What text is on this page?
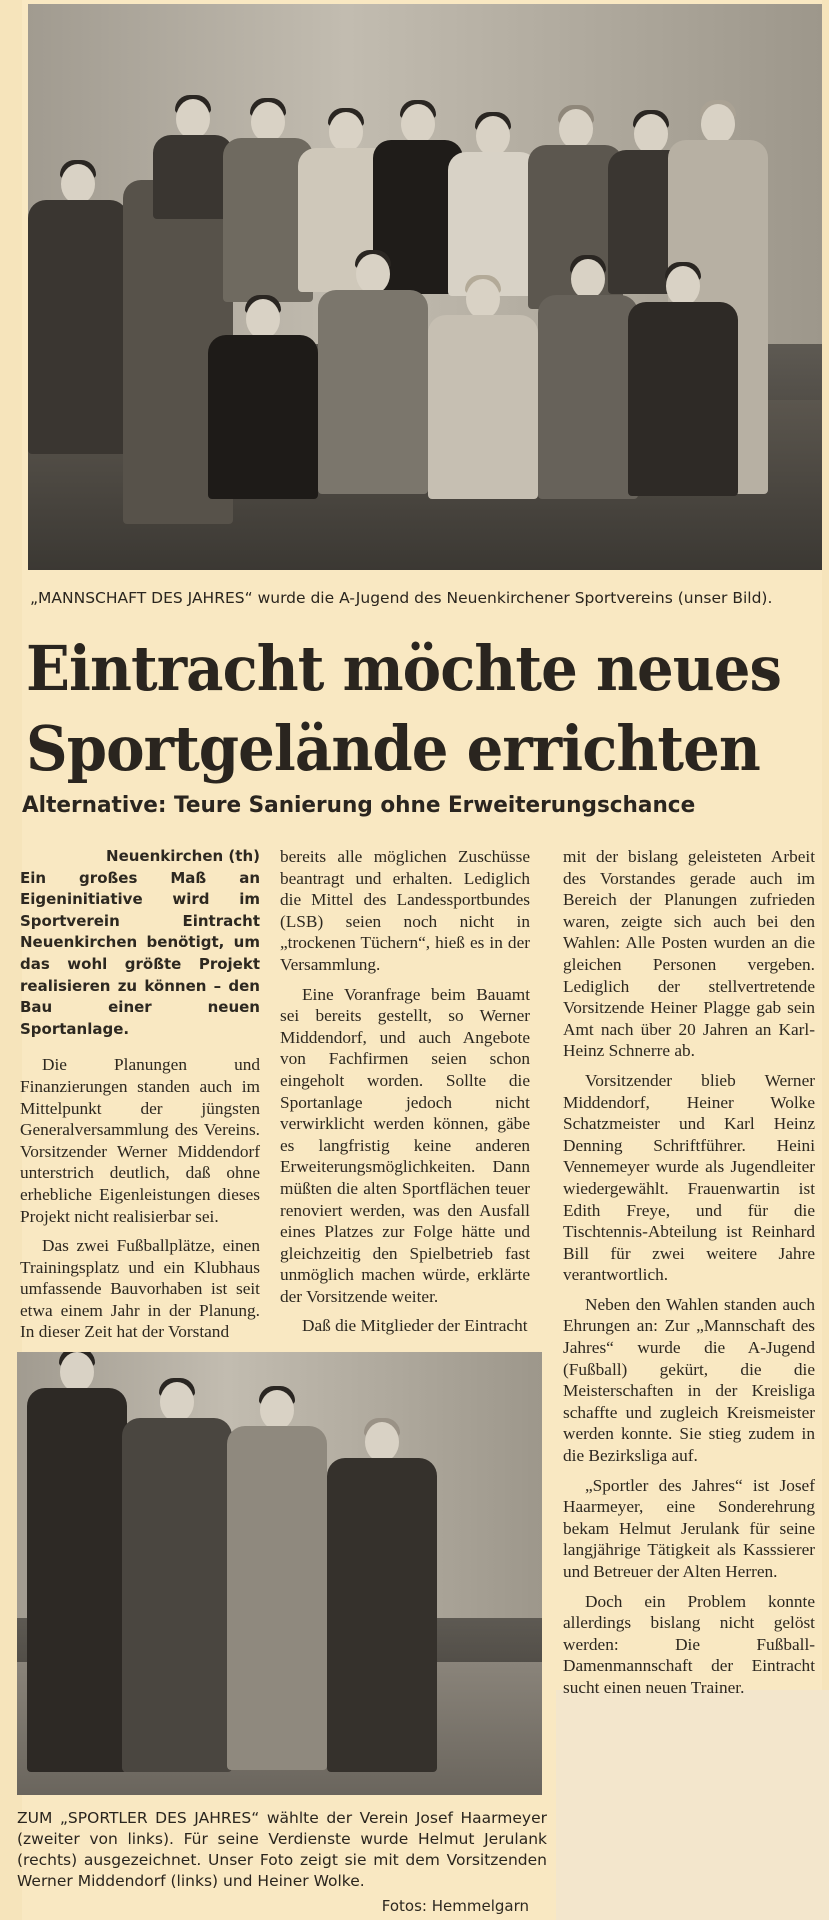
„MANNSCHAFT DES JAHRES“ wurde die A-Jugend des Neuenkirchener Sportvereins (unser Bild).
Eintracht möchte neues
Sportgelände errichten
Alternative: Teure Sanierung ohne Erweiterungschance

Neuenkirchen (th)
Ein großes Maß an Eigeninitiative wird im Sportverein Eintracht Neuenkirchen benötigt, um das wohl größte Projekt realisieren zu können – den Bau einer neuen Sportanlage.

Die Planungen und Finanzierungen standen auch im Mittelpunkt der jüngsten Generalversammlung des Vereins. Vorsitzender Werner Middendorf unterstrich deutlich, daß ohne erhebliche Eigenleistungen dieses Projekt nicht realisierbar sei.

Das zwei Fußballplätze, einen Trainingsplatz und ein Klubhaus umfassende Bauvorhaben ist seit etwa einem Jahr in der Planung. In dieser Zeit hat der Vorstand

bereits alle möglichen Zuschüsse beantragt und erhalten. Lediglich die Mittel des Landessportbundes (LSB) seien noch nicht in „trockenen Tüchern“, hieß es in der Versammlung.

Eine Voranfrage beim Bauamt sei bereits gestellt, so Werner Middendorf, und auch Angebote von Fachfirmen seien schon eingeholt worden. Sollte die Sportanlage jedoch nicht verwirklicht werden können, gäbe es langfristig keine anderen Erweiterungsmöglichkeiten. Dann müßten die alten Sportflächen teuer renoviert werden, was den Ausfall eines Platzes zur Folge hätte und gleichzeitig den Spielbetrieb fast unmöglich machen würde, erklärte der Vorsitzende weiter.

Daß die Mitglieder der Eintracht

mit der bislang geleisteten Arbeit des Vorstandes gerade auch im Bereich der Planungen zufrieden waren, zeigte sich auch bei den Wahlen: Alle Posten wurden an die gleichen Personen vergeben. Lediglich der stellvertretende Vorsitzende Heiner Plagge gab sein Amt nach über 20 Jahren an Karl-Heinz Schnerre ab.

Vorsitzender blieb Werner Middendorf, Heiner Wolke Schatzmeister und Karl Heinz Denning Schriftführer. Heini Vennemeyer wurde als Jugendleiter wiedergewählt. Frauenwartin ist Edith Freye, und für die Tischtennis-Abteilung ist Reinhard Bill für zwei weitere Jahre verantwortlich.

Neben den Wahlen standen auch Ehrungen an: Zur „Mannschaft des Jahres“ wurde die A-Jugend (Fußball) gekürt, die die Meisterschaften in der Kreisliga schaffte und zugleich Kreismeister werden konnte. Sie stieg zudem in die Bezirksliga auf.

„Sportler des Jahres“ ist Josef Haarmeyer, eine Sonderehrung bekam Helmut Jerulank für seine langjährige Tätigkeit als Kasssierer und Betreuer der Alten Herren.

Doch ein Problem konnte allerdings bislang nicht gelöst werden: Die Fußball-Damenmannschaft der Eintracht sucht einen neuen Trainer.

ZUM „SPORTLER DES JAHRES“ wählte der Verein Josef Haarmeyer (zweiter von links). Für seine Verdienste wurde Helmut Jerulank (rechts) ausgezeichnet. Unser Foto zeigt sie mit dem Vorsitzenden Werner Middendorf (links) und Heiner Wolke.
Fotos: Hemmelgarn
